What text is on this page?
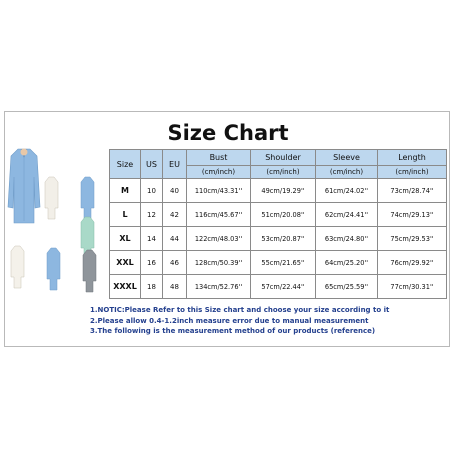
Size Chart
Size	US	EU	Bust	Shoulder	Sleeve	Length
			(cm/inch)	(cm/inch)	(cm/inch)	(cm/inch)
M	10	40	110cm/43.31''	49cm/19.29''	61cm/24.02''	73cm/28.74''
L	12	42	116cm/45.67''	51cm/20.08''	62cm/24.41''	74cm/29.13''
XL	14	44	122cm/48.03''	53cm/20.87''	63cm/24.80''	75cm/29.53''
XXL	16	46	128cm/50.39''	55cm/21.65''	64cm/25.20''	76cm/29.92''
XXXL	18	48	134cm/52.76''	57cm/22.44''	65cm/25.59''	77cm/30.31''
1.NOTIC:Please Refer to this Size chart and choose your size according to it
2.Please allow 0.4-1.2inch measure error due to manual measurement
3.The following is the measurement method of our products (reference)
